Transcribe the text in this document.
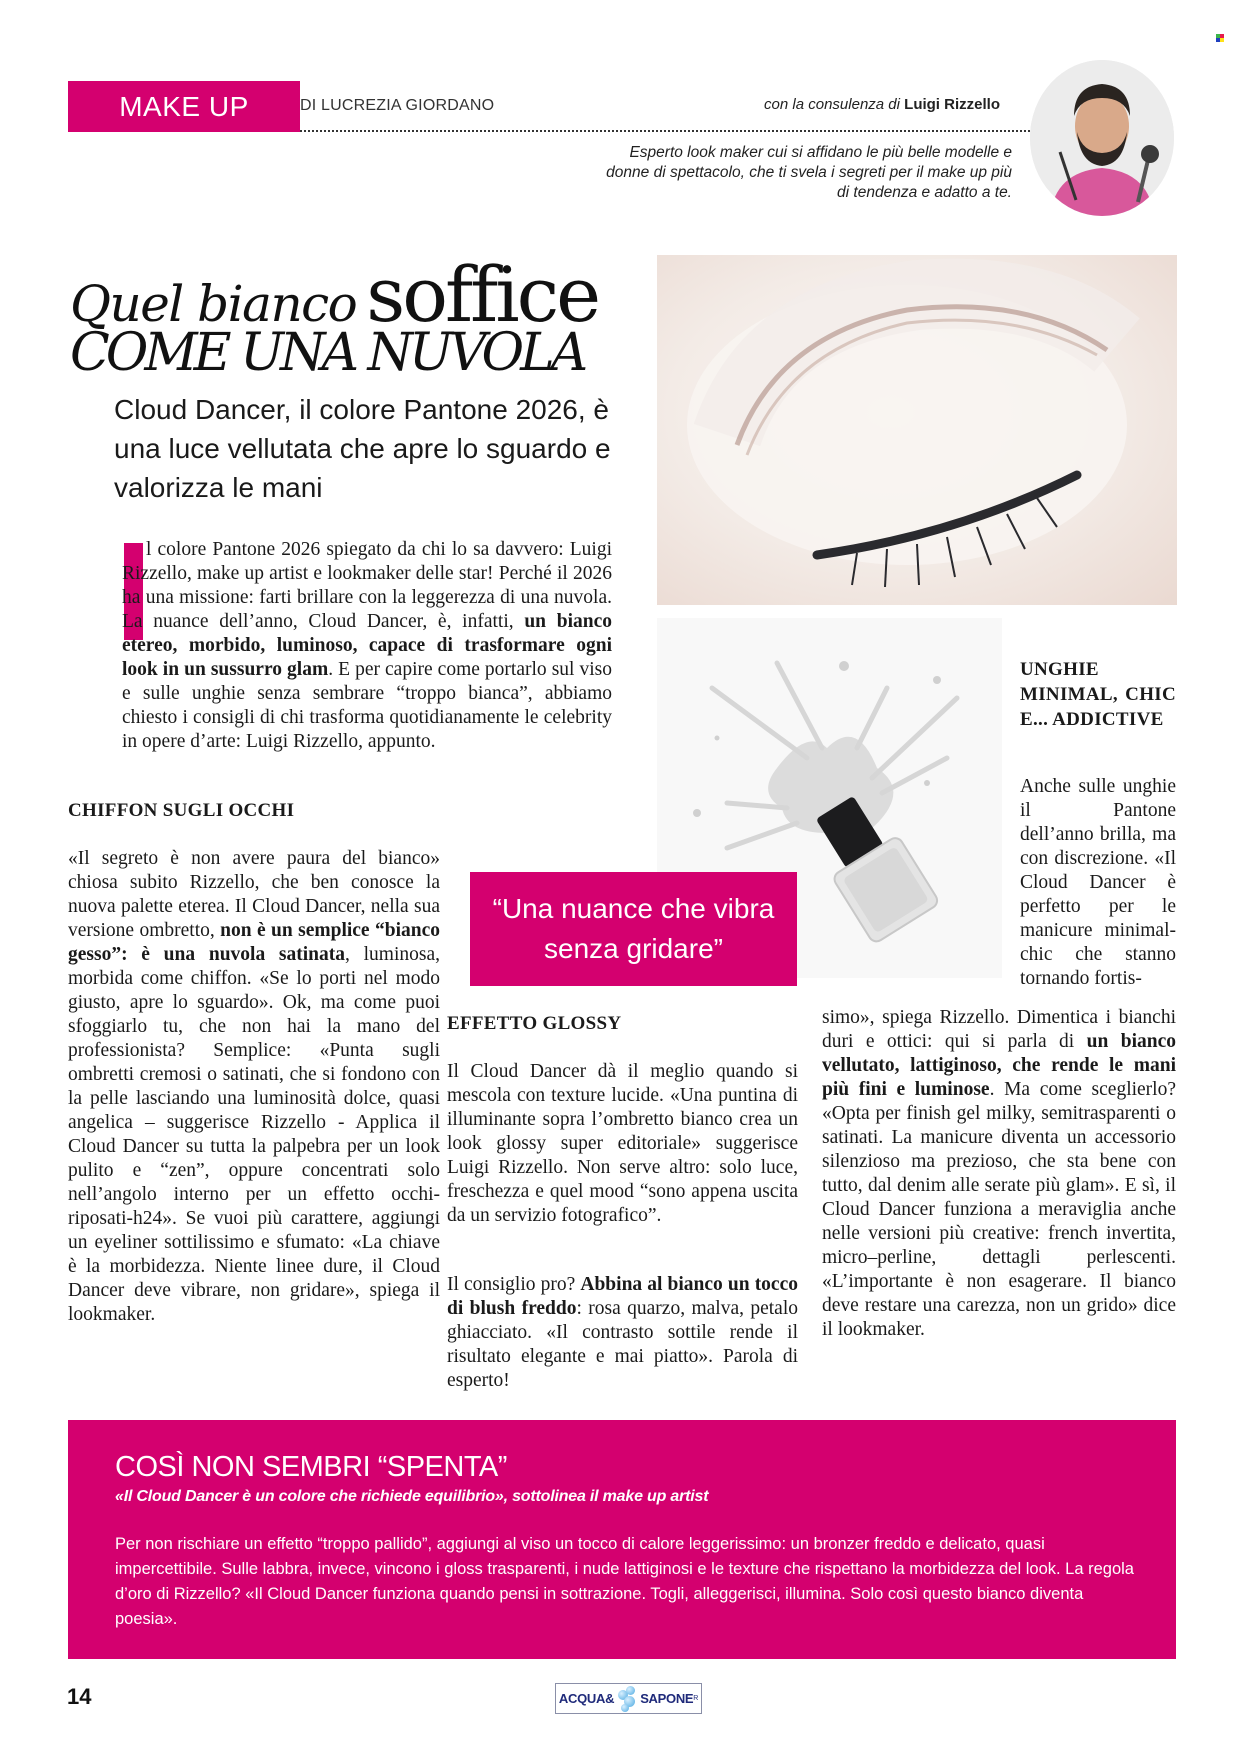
MAKE UP	DI LUCREZIA GIORDANO	con la consulenza di Luigi Rizzello
Esperto look maker cui si affidano le più belle modelle e donne di spettacolo, che ti svela i segreti per il make up più di tendenza e adatto a te.
Quel bianco soffice
COME UNA NUVOLA
Cloud Dancer, il colore Pantone 2026, è una luce vellutata che apre lo sguardo e valorizza le mani

l colore Pantone 2026 spiegato da chi lo sa davvero: Luigi Rizzello, make up artist e lookmaker delle star! Perché il 2026 ha una missione: farti brillare con la leggerezza di una nuvola. La nuance dell’anno, Cloud Dancer, è, infatti, un bianco etereo, morbido, luminoso, capace di trasformare ogni look in un sussurro glam. E per capire come portarlo sul viso e sulle unghie senza sembrare “troppo bianca”, abbiamo chiesto i consigli di chi trasforma quotidianamente le celebrity in opere d’arte: Luigi Rizzello, appunto.

CHIFFON SUGLI OCCHI
«Il segreto è non avere paura del bianco» chiosa subito Rizzello, che ben conosce la nuova palette eterea. Il Cloud Dancer, nella sua versione ombretto, non è un semplice “bianco gesso”: è una nuvola satinata, luminosa, morbida come chiffon. «Se lo porti nel modo giusto, apre lo sguardo». Ok, ma come puoi sfoggiarlo tu, che non hai la mano del professionista? Semplice: «Punta sugli ombretti cremosi o satinati, che si fondono con la pelle lasciando una luminosità dolce, quasi angelica – suggerisce Rizzello - Applica il Cloud Dancer su tutta la palpebra per un look pulito e “zen”, oppure concentrati solo nell’angolo interno per un effetto occhi-riposati-h24». Se vuoi più carattere, aggiungi un eyeliner sottilissimo e sfumato: «La chiave è la morbidezza. Niente linee dure, il Cloud Dancer deve vibrare, non gridare», spiega il lookmaker.
“Una nuance che vibra senza gridare”
EFFETTO GLOSSY
Il Cloud Dancer dà il meglio quando si mescola con texture lucide. «Una puntina di illuminante sopra l’ombretto bianco crea un look glossy super editoriale» suggerisce Luigi Rizzello. Non serve altro: solo luce, freschezza e quel mood “sono appena uscita da un servizio fotografico”.
Il consiglio pro? Abbina al bianco un tocco di blush freddo: rosa quarzo, malva, petalo ghiacciato. «Il contrasto sottile rende il risultato elegante e mai piatto». Parola di esperto!
UNGHIE MINIMAL, CHIC E... ADDICTIVE
Anche sulle unghie il Pantone dell’anno brilla, ma con discrezione. «Il Cloud Dancer è perfetto per le manicure minimal-chic che stanno tornando fortis-
simo», spiega Rizzello. Dimentica i bianchi duri e ottici: qui si parla di un bianco vellutato, lattiginoso, che rende le mani più fini e luminose. Ma come sceglierlo? «Opta per finish gel milky, semitrasparenti o satinati. La manicure diventa un accessorio silenzioso ma prezioso, che sta bene con tutto, dal denim alle serate più glam». E sì, il Cloud Dancer funziona a meraviglia anche nelle versioni più creative: french invertita, micro–perline, dettagli perlescenti. «L’importante è non esagerare. Il bianco deve restare una carezza, non un grido» dice il lookmaker.
COSÌ NON SEMBRI “SPENTA”
«Il Cloud Dancer è un colore che richiede equilibrio», sottolinea il make up artist
Per non rischiare un effetto “troppo pallido”, aggiungi al viso un tocco di calore leggerissimo: un bronzer freddo e delicato, quasi impercettibile. Sulle labbra, invece, vincono i gloss trasparenti, i nude lattiginosi e le texture che rispettano la morbidezza del look. La regola d’oro di Rizzello? «Il Cloud Dancer funziona quando pensi in sottrazione. Togli, alleggerisci, illumina. Solo così questo bianco diventa poesia».
14	ACQUA& SAPONE R
